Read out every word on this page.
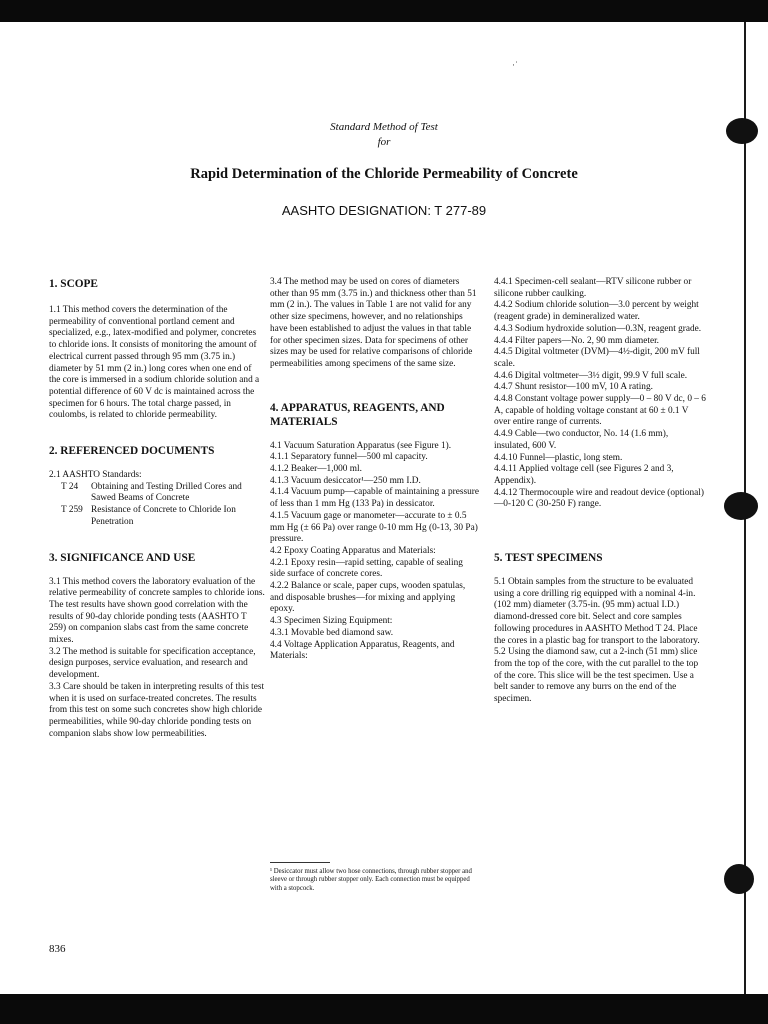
·˙
Standard Method of Test
for
Rapid Determination of the Chloride Permeability of Concrete
AASHTO DESIGNATION: T 277-89

1. SCOPE

1.1 This method covers the determination of the permeability of conventional portland cement and specialized, e.g., latex-modified and polymer, concretes to chloride ions. It consists of monitoring the amount of electrical current passed through 95 mm (3.75 in.) diameter by 51 mm (2 in.) long cores when one end of the core is immersed in a sodium chloride solution and a potential difference of 60 V dc is maintained across the specimen for 6 hours. The total charge passed, in coulombs, is related to chloride permeability.

2. REFERENCED DOCUMENTS

2.1 AASHTO Standards:

T 24	Obtaining and Testing Drilled Cores and Sawed Beams of Concrete
T 259 Resistance of Concrete to Chloride Ion Penetration

3. SIGNIFICANCE AND USE

3.1 This method covers the laboratory evaluation of the relative permeability of concrete samples to chloride ions. The test results have shown good correlation with the results of 90-day chloride ponding tests (AASHTO T 259) on companion slabs cast from the same concrete mixes.

3.2 The method is suitable for specification acceptance, design purposes, service evaluation, and research and development.

3.3 Care should be taken in interpreting results of this test when it is used on surface-treated concretes. The results from this test on some such concretes show high chloride permeabilities, while 90-day chloride ponding tests on companion slabs show low permeabilities.

3.4 The method may be used on cores of diameters other than 95 mm (3.75 in.) and thickness other than 51 mm (2 in.). The values in Table 1 are not valid for any other size specimens, however, and no relationships have been established to adjust the values in that table for other specimen sizes. Data for specimens of other sizes may be used for relative comparisons of chloride permeabilities among specimens of the same size.

4. APPARATUS, REAGENTS, AND MATERIALS

4.1 Vacuum Saturation Apparatus (see Figure 1).

4.1.1 Separatory funnel—500 ml capacity.

4.1.2 Beaker—1,000 ml.

4.1.3 Vacuum desiccator¹—250 mm I.D.

4.1.4 Vacuum pump—capable of maintaining a pressure of less than 1 mm Hg (133 Pa) in dessicator.

4.1.5 Vacuum gage or manometer—accurate to ± 0.5 mm Hg (± 66 Pa) over range 0-10 mm Hg (0-13, 30 Pa) pressure.

4.2 Epoxy Coating Apparatus and Materials:

4.2.1 Epoxy resin—rapid setting, capable of sealing side surface of concrete cores.

4.2.2 Balance or scale, paper cups, wooden spatulas, and disposable brushes—for mixing and applying epoxy.

4.3 Specimen Sizing Equipment:

4.3.1 Movable bed diamond saw.

4.4 Voltage Application Apparatus, Reagents, and Materials:

¹ Desiccator must allow two hose connections, through rubber stopper and sleeve or through rubber stopper only. Each connection must be equipped with a stopcock.

4.4.1 Specimen-cell sealant—RTV silicone rubber or silicone rubber caulking.

4.4.2 Sodium chloride solution—3.0 percent by weight (reagent grade) in demineralized water.

4.4.3 Sodium hydroxide solution—0.3N, reagent grade.

4.4.4 Filter papers—No. 2, 90 mm diameter.

4.4.5 Digital voltmeter (DVM)—4½-digit, 200 mV full scale.

4.4.6 Digital voltmeter—3½ digit, 99.9 V full scale.

4.4.7 Shunt resistor—100 mV, 10 A rating.

4.4.8 Constant voltage power supply—0 – 80 V dc, 0 – 6 A, capable of holding voltage constant at 60 ± 0.1 V over entire range of currents.

4.4.9 Cable—two conductor, No. 14 (1.6 mm), insulated, 600 V.

4.4.10 Funnel—plastic, long stem.

4.4.11 Applied voltage cell (see Figures 2 and 3, Appendix).

4.4.12 Thermocouple wire and readout device (optional)—0-120 C (30-250 F) range.

5. TEST SPECIMENS

5.1 Obtain samples from the structure to be evaluated using a core drilling rig equipped with a nominal 4-in. (102 mm) diameter (3.75-in. (95 mm) actual I.D.) diamond-dressed core bit. Select and core samples following procedures in AASHTO Method T 24. Place the cores in a plastic bag for transport to the laboratory.

5.2 Using the diamond saw, cut a 2-inch (51 mm) slice from the top of the core, with the cut parallel to the top of the core. This slice will be the test specimen. Use a belt sander to remove any burrs on the end of the specimen.

836
